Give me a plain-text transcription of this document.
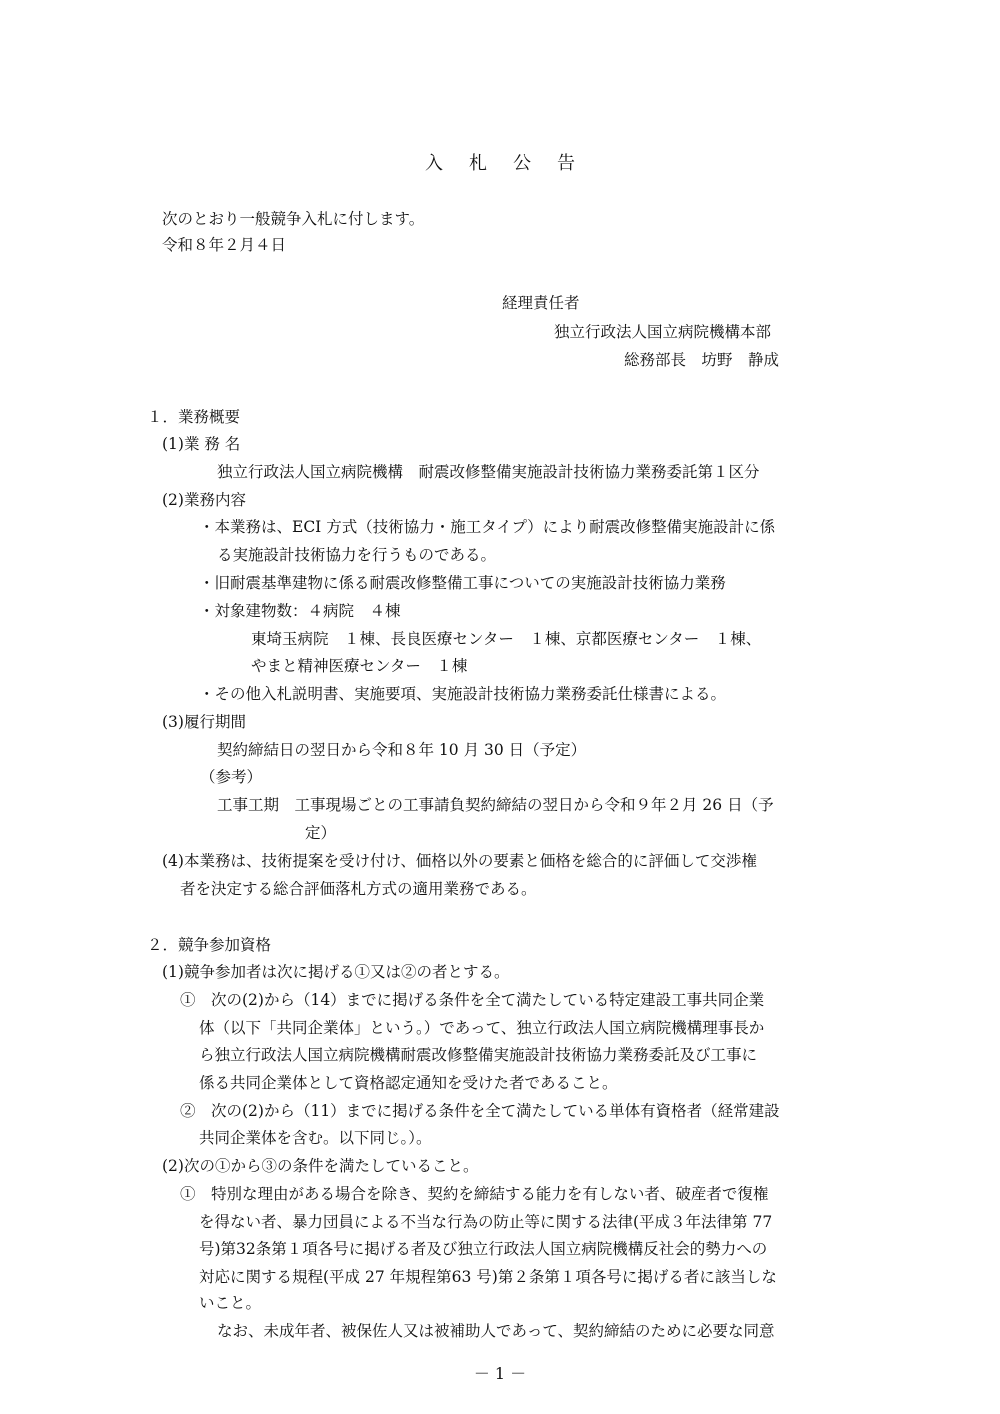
入札公告
次のとおり一般競争入札に付します。
令和８年２月４日
経理責任者
独立行政法人国立病院機構本部
総務部長　坊野　静成
１．業務概要
(1)業 務 名
独立行政法人国立病院機構　耐震改修整備実施設計技術協力業務委託第１区分
(2)業務内容
・本業務は、ECI 方式（技術協力・施工タイプ）により耐震改修整備実施設計に係
る実施設計技術協力を行うものである。
・旧耐震基準建物に係る耐震改修整備工事についての実施設計技術協力業務
・対象建物数：４病院　４棟
東埼玉病院　１棟、長良医療センター　１棟、京都医療センター　１棟、
やまと精神医療センター　１棟
・その他入札説明書、実施要項、実施設計技術協力業務委託仕様書による。
(3)履行期間
契約締結日の翌日から令和８年 10 月 30 日（予定）
（参考）
工事工期　工事現場ごとの工事請負契約締結の翌日から令和９年２月 26 日（予
定）
(4)本業務は、技術提案を受け付け、価格以外の要素と価格を総合的に評価して交渉権
者を決定する総合評価落札方式の適用業務である。
２．競争参加資格
(1)競争参加者は次に掲げる①又は②の者とする。
①　次の(2)から（14）までに掲げる条件を全て満たしている特定建設工事共同企業
体（以下「共同企業体」という。）であって、独立行政法人国立病院機構理事長か
ら独立行政法人国立病院機構耐震改修整備実施設計技術協力業務委託及び工事に
係る共同企業体として資格認定通知を受けた者であること。
②　次の(2)から（11）までに掲げる条件を全て満たしている単体有資格者（経常建設
共同企業体を含む。以下同じ。）。
(2)次の①から③の条件を満たしていること。
①　特別な理由がある場合を除き、契約を締結する能力を有しない者、破産者で復権
を得ない者、暴力団員による不当な行為の防止等に関する法律(平成３年法律第 77
号)第32条第１項各号に掲げる者及び独立行政法人国立病院機構反社会的勢力への
対応に関する規程(平成 27 年規程第63 号)第２条第１項各号に掲げる者に該当しな
いこと。
なお、未成年者、被保佐人又は被補助人であって、契約締結のために必要な同意
－ 1 －
